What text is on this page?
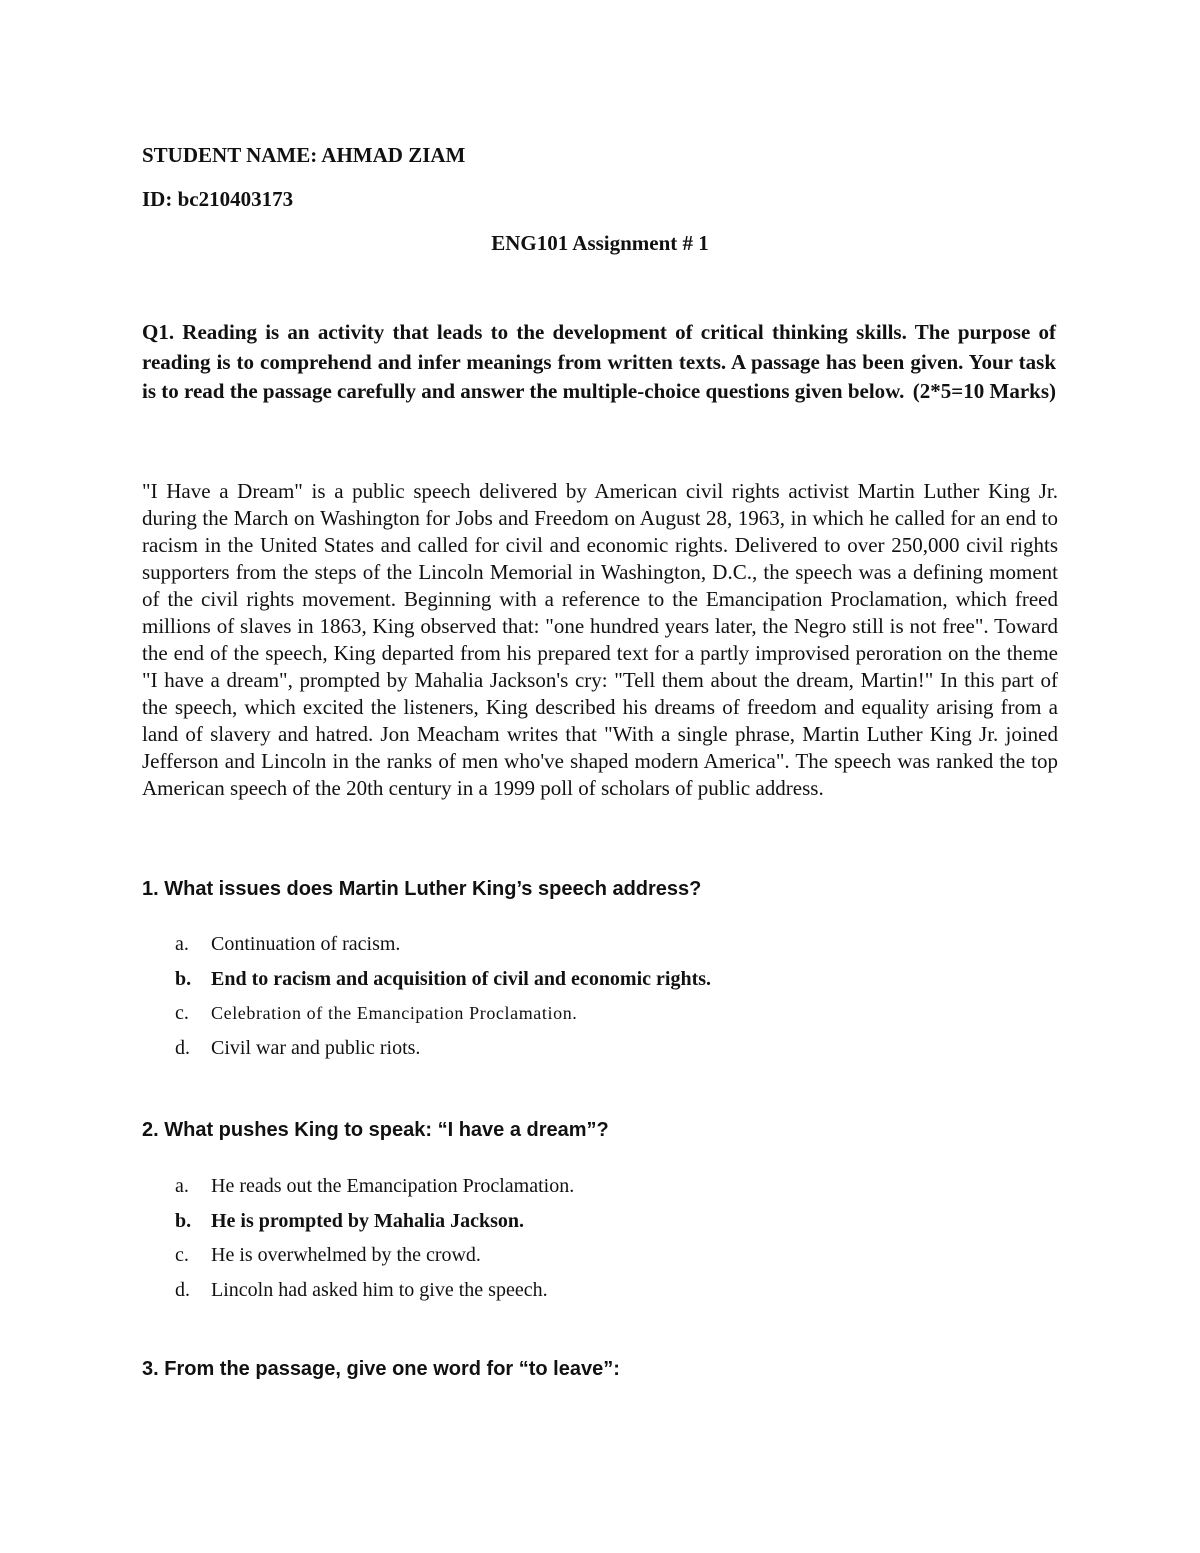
STUDENT NAME: AHMAD ZIAM
ID: bc210403173
ENG101 Assignment # 1
Q1. Reading is an activity that leads to the development of critical thinking skills. The purpose of reading is to comprehend and infer meanings from written texts. A passage has been given. Your task is to read the passage carefully and answer the multiple-choice questions given below. (2*5=10 Marks)
"I Have a Dream" is a public speech delivered by American civil rights activist Martin Luther King Jr. during the March on Washington for Jobs and Freedom on August 28, 1963, in which he called for an end to racism in the United States and called for civil and economic rights. Delivered to over 250,000 civil rights supporters from the steps of the Lincoln Memorial in Washington, D.C., the speech was a defining moment of the civil rights movement. Beginning with a reference to the Emancipation Proclamation, which freed millions of slaves in 1863, King observed that: "one hundred years later, the Negro still is not free". Toward the end of the speech, King departed from his prepared text for a partly improvised peroration on the theme "I have a dream", prompted by Mahalia Jackson's cry: "Tell them about the dream, Martin!" In this part of the speech, which excited the listeners, King described his dreams of freedom and equality arising from a land of slavery and hatred. Jon Meacham writes that "With a single phrase, Martin Luther King Jr. joined Jefferson and Lincoln in the ranks of men who've shaped modern America". The speech was ranked the top American speech of the 20th century in a 1999 poll of scholars of public address.
1. What issues does Martin Luther King’s speech address?
a. Continuation of racism.
b. End to racism and acquisition of civil and economic rights.
c. Celebration of the Emancipation Proclamation.
d. Civil war and public riots.
2. What pushes King to speak: “I have a dream”?
a. He reads out the Emancipation Proclamation.
b. He is prompted by Mahalia Jackson.
c. He is overwhelmed by the crowd.
d. Lincoln had asked him to give the speech.
3. From the passage, give one word for “to leave”:
